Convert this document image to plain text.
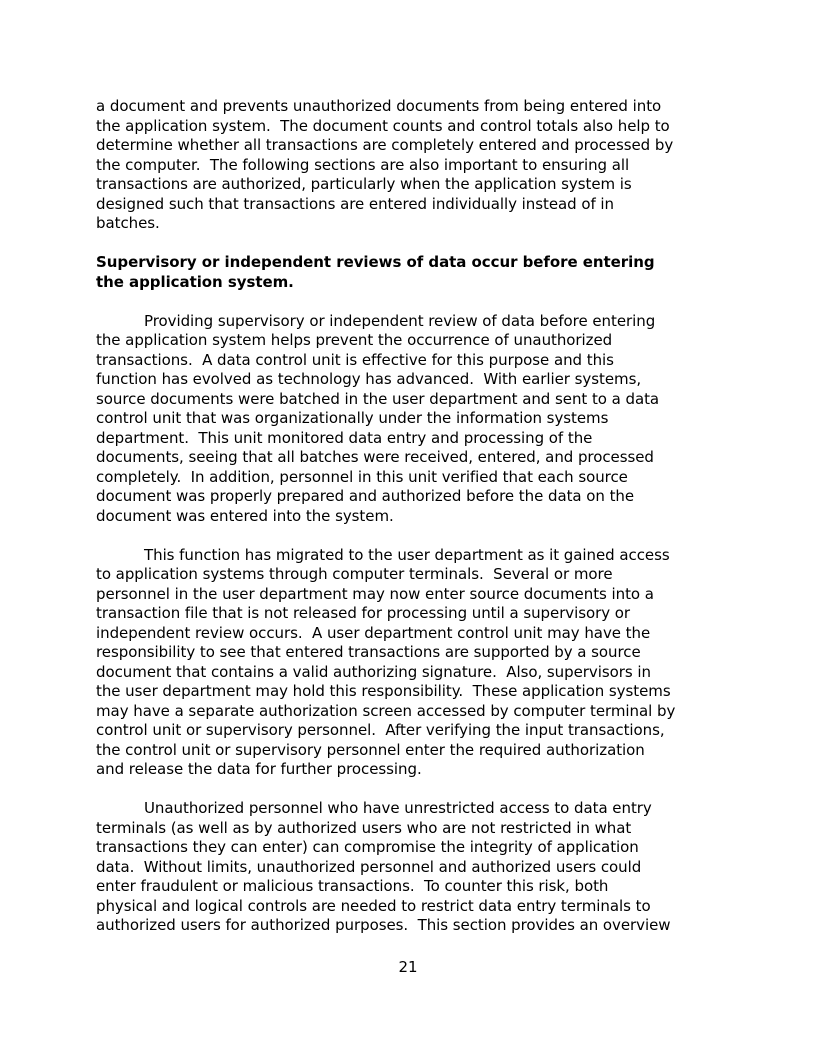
a document and prevents unauthorized documents from being entered into
the application system.  The document counts and control totals also help to
determine whether all transactions are completely entered and processed by
the computer.  The following sections are also important to ensuring all
transactions are authorized, particularly when the application system is
designed such that transactions are entered individually instead of in
batches.
Supervisory or independent reviews of data occur before entering
the application system.
Providing supervisory or independent review of data before entering
the application system helps prevent the occurrence of unauthorized
transactions.  A data control unit is effective for this purpose and this
function has evolved as technology has advanced.  With earlier systems,
source documents were batched in the user department and sent to a data
control unit that was organizationally under the information systems
department.  This unit monitored data entry and processing of the
documents, seeing that all batches were received, entered, and processed
completely.  In addition, personnel in this unit verified that each source
document was properly prepared and authorized before the data on the
document was entered into the system.
This function has migrated to the user department as it gained access
to application systems through computer terminals.  Several or more
personnel in the user department may now enter source documents into a
transaction file that is not released for processing until a supervisory or
independent review occurs.  A user department control unit may have the
responsibility to see that entered transactions are supported by a source
document that contains a valid authorizing signature.  Also, supervisors in
the user department may hold this responsibility.  These application systems
may have a separate authorization screen accessed by computer terminal by
control unit or supervisory personnel.  After verifying the input transactions,
the control unit or supervisory personnel enter the required authorization
and release the data for further processing.
Unauthorized personnel who have unrestricted access to data entry
terminals (as well as by authorized users who are not restricted in what
transactions they can enter) can compromise the integrity of application
data.  Without limits, unauthorized personnel and authorized users could
enter fraudulent or malicious transactions.  To counter this risk, both
physical and logical controls are needed to restrict data entry terminals to
authorized users for authorized purposes.  This section provides an overview
21
